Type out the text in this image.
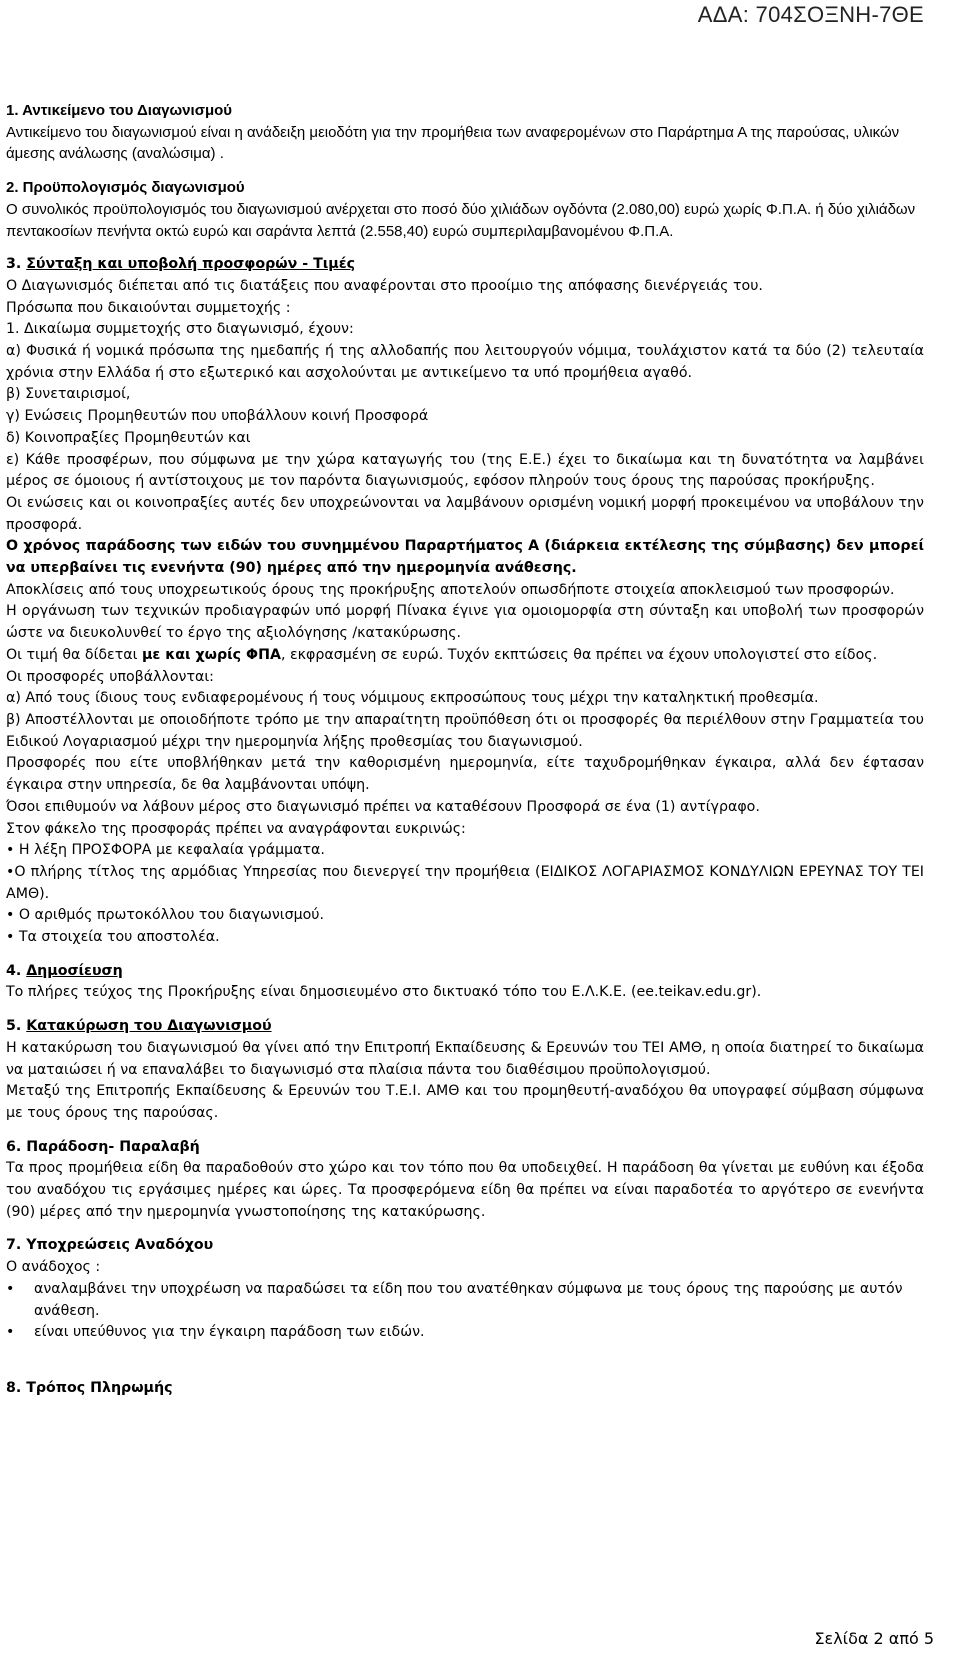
ΑΔΑ: 704ΣΟΞΝΗ-7ΘΕ

1. Αντικείμενο του Διαγωνισμού

Αντικείμενο του διαγωνισμού είναι η ανάδειξη μειοδότη για την προμήθεια των αναφερομένων στο Παράρτημα Α της παρούσας, υλικών άμεσης ανάλωσης (αναλώσιμα) .

2. Προϋπολογισμός διαγωνισμού

Ο συνολικός προϋπολογισμός του διαγωνισμού ανέρχεται στο ποσό δύο χιλιάδων ογδόντα (2.080,00) ευρώ χωρίς Φ.Π.Α. ή δύο χιλιάδων πεντακοσίων πενήντα οκτώ ευρώ και σαράντα λεπτά (2.558,40) ευρώ συμπεριλαμβανομένου Φ.Π.Α.

3. Σύνταξη και υποβολή προσφορών - Τιμές

Ο Διαγωνισμός διέπεται από τις διατάξεις που αναφέρονται στο προοίμιο της απόφασης διενέργειάς του.

Πρόσωπα που δικαιούνται συμμετοχής :

1. Δικαίωμα συμμετοχής στο διαγωνισμό, έχουν:

α) Φυσικά ή νομικά πρόσωπα της ημεδαπής ή της αλλοδαπής που λειτουργούν νόμιμα, τουλάχιστον κατά τα δύο (2) τελευταία χρόνια στην Ελλάδα ή στο εξωτερικό και ασχολούνται με αντικείμενο τα υπό προμήθεια αγαθό.

β) Συνεταιρισμοί,

γ) Ενώσεις Προμηθευτών που υποβάλλουν κοινή Προσφορά

δ) Κοινοπραξίες Προμηθευτών και

ε) Κάθε προσφέρων, που σύμφωνα με την χώρα καταγωγής του (της Ε.Ε.) έχει το δικαίωμα και τη δυνατότητα να λαμβάνει μέρος σε όμοιους ή αντίστοιχους με τον παρόντα διαγωνισμούς, εφόσον πληρούν τους όρους της παρούσας προκήρυξης.

Οι ενώσεις και οι κοινοπραξίες αυτές δεν υποχρεώνονται να λαμβάνουν ορισμένη νομική μορφή προκειμένου να υποβάλουν την προσφορά.

Ο χρόνος παράδοσης των ειδών του συνημμένου Παραρτήματος Α (διάρκεια εκτέλεσης της σύμβασης) δεν μπορεί να υπερβαίνει τις ενενήντα (90) ημέρες από την ημερομηνία ανάθεσης.

Αποκλίσεις από τους υποχρεωτικούς όρους της προκήρυξης αποτελούν οπωσδήποτε στοιχεία αποκλεισμού των προσφορών.

Η οργάνωση των τεχνικών προδιαγραφών υπό μορφή Πίνακα έγινε για ομοιομορφία στη σύνταξη και υποβολή των προσφορών ώστε να διευκολυνθεί το έργο της αξιολόγησης /κατακύρωσης.

Οι τιμή θα δίδεται με και χωρίς ΦΠΑ, εκφρασμένη σε ευρώ. Τυχόν εκπτώσεις θα πρέπει να έχουν υπολογιστεί στο είδος.

Οι προσφορές υποβάλλονται:

α) Από τους ίδιους τους ενδιαφερομένους ή τους νόμιμους εκπροσώπους τους μέχρι την καταληκτική προθεσμία.

β) Αποστέλλονται με οποιοδήποτε τρόπο με την απαραίτητη προϋπόθεση ότι οι προσφορές θα περιέλθουν στην Γραμματεία του Ειδικού Λογαριασμού μέχρι την ημερομηνία λήξης προθεσμίας του διαγωνισμού.

Προσφορές που είτε υποβλήθηκαν μετά την καθορισμένη ημερομηνία, είτε ταχυδρομήθηκαν έγκαιρα, αλλά δεν έφτασαν έγκαιρα στην υπηρεσία, δε θα λαμβάνονται υπόψη.

Όσοι επιθυμούν να λάβουν μέρος στο διαγωνισμό πρέπει να καταθέσουν Προσφορά σε ένα (1) αντίγραφο.

Στον φάκελο της προσφοράς πρέπει να αναγράφονται ευκρινώς:

• Η λέξη ΠΡΟΣΦΟΡΑ με κεφαλαία γράμματα.

•Ο πλήρης τίτλος της αρμόδιας Υπηρεσίας που διενεργεί την προμήθεια (ΕΙΔΙΚΟΣ ΛΟΓΑΡΙΑΣΜΟΣ ΚΟΝΔΥΛΙΩΝ ΕΡΕΥΝΑΣ ΤΟΥ ΤΕΙ ΑΜΘ).

• Ο αριθμός πρωτοκόλλου του διαγωνισμού.

• Τα στοιχεία του αποστολέα.

4. Δημοσίευση

Το πλήρες τεύχος της Προκήρυξης είναι δημοσιευμένο στο δικτυακό τόπο του Ε.Λ.Κ.Ε. (ee.teikav.edu.gr).

5. Κατακύρωση του Διαγωνισμού

Η κατακύρωση του διαγωνισμού θα γίνει από την Επιτροπή Εκπαίδευσης & Ερευνών του ΤΕΙ ΑΜΘ, η οποία διατηρεί το δικαίωμα να ματαιώσει ή να επαναλάβει το διαγωνισμό στα πλαίσια πάντα του διαθέσιμου προϋπολογισμού.

Μεταξύ της Επιτροπής Εκπαίδευσης & Ερευνών του Τ.Ε.Ι. ΑΜΘ και του προμηθευτή-αναδόχου θα υπογραφεί σύμβαση σύμφωνα με τους όρους της παρούσας.

6. Παράδοση- Παραλαβή

Τα προς προμήθεια είδη θα παραδοθούν στο χώρο και τον τόπο που θα υποδειχθεί. Η παράδοση θα γίνεται με ευθύνη και έξοδα του αναδόχου τις εργάσιμες ημέρες και ώρες. Τα προσφερόμενα είδη θα πρέπει να είναι παραδοτέα το αργότερο σε ενενήντα (90) μέρες από την ημερομηνία γνωστοποίησης της κατακύρωσης.

7. Υποχρεώσεις Αναδόχου

Ο ανάδοχος :

•	αναλαμβάνει την υποχρέωση να παραδώσει τα είδη που του ανατέθηκαν σύμφωνα με τους όρους της παρούσης με αυτόν ανάθεση.
•	είναι υπεύθυνος για την έγκαιρη παράδοση των ειδών.

8. Τρόπος Πληρωμής

Σελίδα 2 από 5
